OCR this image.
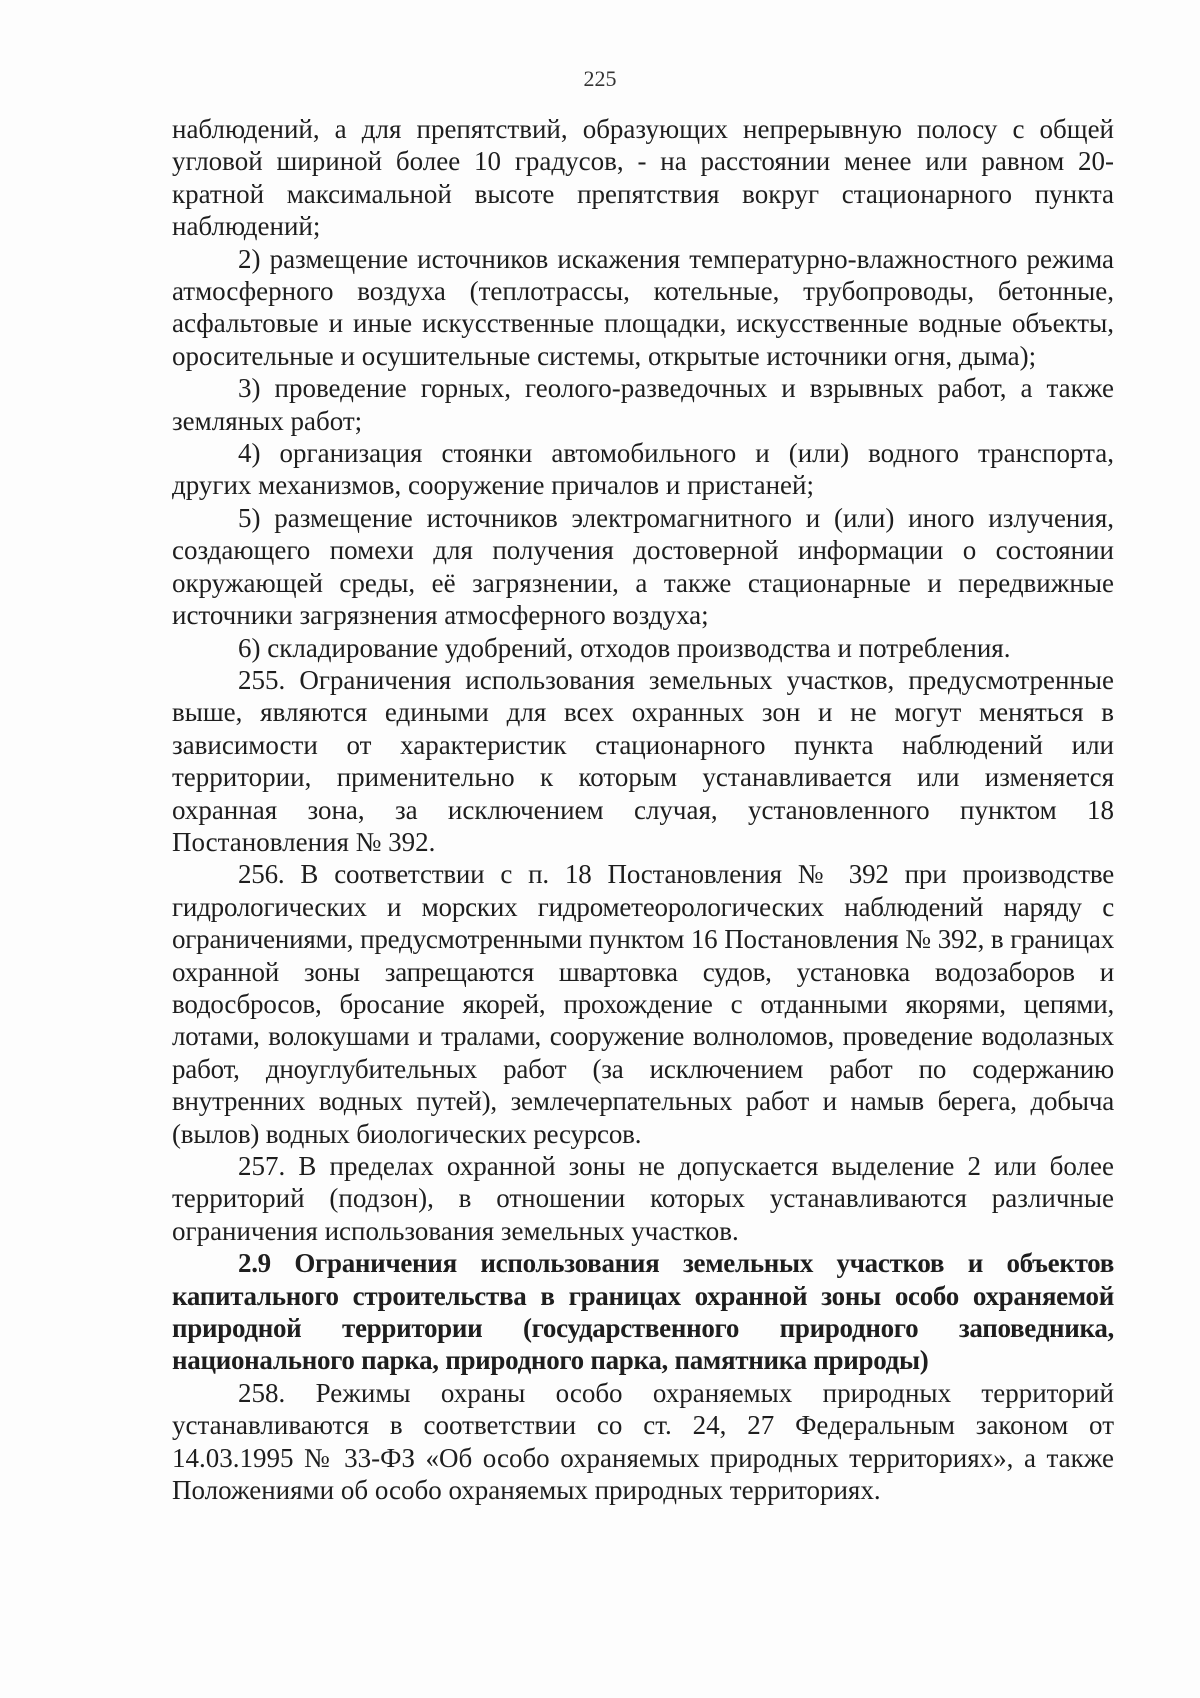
225

наблюдений, а для препятствий, образующих непрерывную полосу с общей угловой шириной более 10 градусов, - на расстоянии менее или равном 20-кратной максимальной высоте препятствия вокруг стационарного пункта наблюдений;

2) размещение источников искажения температурно-влажностного режима атмосферного воздуха (теплотрассы, котельные, трубопроводы, бетонные, асфальтовые и иные искусственные площадки, искусственные водные объекты, оросительные и осушительные системы, открытые источники огня, дыма);

3) проведение горных, геолого-разведочных и взрывных работ, а также земляных работ;

4) организация стоянки автомобильного и (или) водного транспорта, других механизмов, сооружение причалов и пристаней;

5) размещение источников электромагнитного и (или) иного излучения, создающего помехи для получения достоверной информации о состоянии окружающей среды, её загрязнении, а также стационарные и передвижные источники загрязнения атмосферного воздуха;

6) складирование удобрений, отходов производства и потребления.

255. Ограничения использования земельных участков, предусмотренные выше, являются едиными для всех охранных зон и не могут меняться в зависимости от характеристик стационарного пункта наблюдений или территории, применительно к которым устанавливается или изменяется охранная зона, за исключением случая, установленного пунктом 18 Постановления № 392.

256. В соответствии с п. 18 Постановления № 392 при производстве гидрологических и морских гидрометеорологических наблюдений наряду с ограничениями, предусмотренными пунктом 16 Постановления № 392, в границах охранной зоны запрещаются швартовка судов, установка водозаборов и водосбросов, бросание якорей, прохождение с отданными якорями, цепями, лотами, волокушами и тралами, сооружение волноломов, проведение водолазных работ, дноуглубительных работ (за исключением работ по содержанию внутренних водных путей), землечерпательных работ и намыв берега, добыча (вылов) водных биологических ресурсов.

257. В пределах охранной зоны не допускается выделение 2 или более территорий (подзон), в отношении которых устанавливаются различные ограничения использования земельных участков.

2.9 Ограничения использования земельных участков и объектов капитального строительства в границах охранной зоны особо охраняемой природной территории (государственного природного заповедника, национального парка, природного парка, памятника природы)

258. Режимы охраны особо охраняемых природных территорий устанавливаются в соответствии со ст. 24, 27 Федеральным законом от 14.03.1995 № 33-ФЗ «Об особо охраняемых природных территориях», а также Положениями об особо охраняемых природных территориях.
